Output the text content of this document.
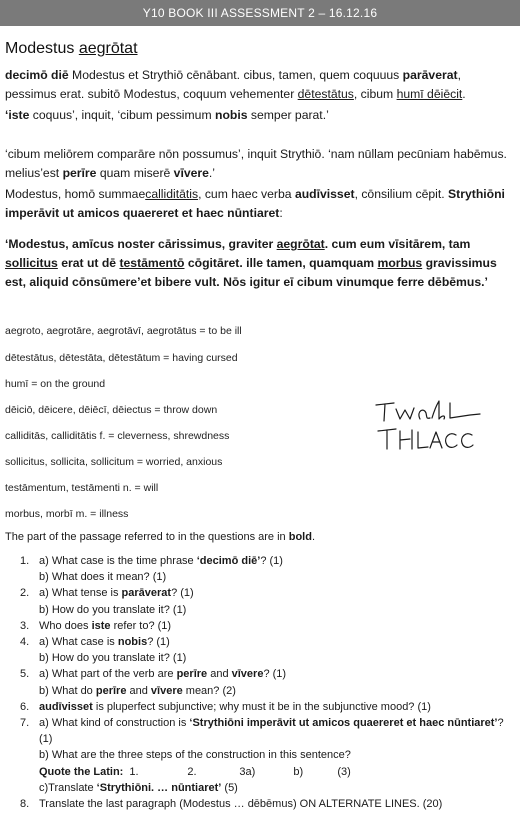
Y10 BOOK III ASSESSMENT 2 – 16.12.16
Modestus aegrōtat
decimō diē Modestus et Strythiō cēnābant. cibus, tamen, quem coquuus parāverat, pessimus erat. subitō Modestus, coquum vehementer dētestātus, cibum humī dēiēcit.
‘iste coquus’, inquit, ‘cibum pessimum nobis semper parat.’
‘cibum meliōrem comparāre nōn possumus’, inquit Strythiō. ‘nam nūllam pecūniam habēmus. melius’est perīre quam miserē vīvere.’
Modestus, homō summaecalliditātis, cum haec verba audīvisset, cōnsilium cēpit. Strythiōni imperāvit ut amicos quaereret et haec nūntiaret:
‘Modestus, amīcus noster cārissimus, graviter aegrōtat. cum eum vīsitārem, tam sollicitus erat ut dē testāmentō cōgitāret. ille tamen, quamquam morbus gravissimus est, aliquid cōnsūmere’et bibere vult. Nōs igitur eī cibum vinumque ferre dēbēmus.’
aegroto, aegrotāre, aegrotāvī, aegrotātus = to be ill
dētestātus, dētestāta, dētestātum = having cursed
humī = on the ground
dēiciō, dēicere, dēiēcī, dēiectus = throw down
calliditās, calliditātis f. = cleverness, shrewdness
sollicitus, sollicita, sollicitum = worried, anxious
testāmentum, testāmenti n. = will
morbus, morbī m. = illness
The part of the passage referred to in the questions are in bold.
1. a) What case is the time phrase ‘decimō diē’? (1)
b) What does it mean? (1)
2. a) What tense is parāverat? (1)
b) How do you translate it? (1)
3. Who does iste refer to? (1)
4. a) What case is nobis? (1)
b) How do you translate it? (1)
5. a) What part of the verb are perīre and vīvere? (1)
b) What do perīre and vīvere mean? (2)
6. audīvisset is pluperfect subjunctive; why must it be in the subjunctive mood? (1)
7. a) What kind of construction is ‘Strythiōni imperāvit ut amicos quaereret et haec nūntiaret’? (1)
b) What are the three steps of the construction in this sentence?
Quote the Latin: 1.	2.	3a)	b)	(3)
c)Translate ‘Strythiōni. … nūntiaret’ (5)
8. Translate the last paragraph (Modestus … dēbēmus) ON ALTERNATE LINES. (20)
